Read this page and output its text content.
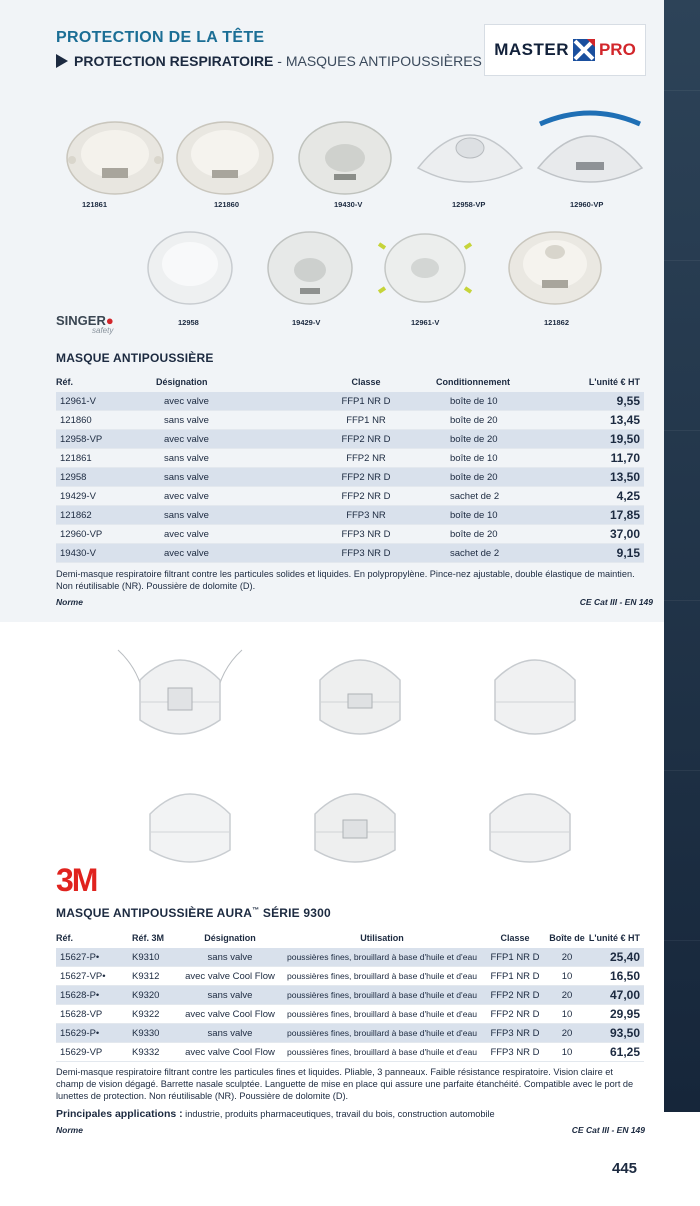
PROTECTION DE LA TÊTE
PROTECTION RESPIRATOIRE - MASQUES ANTIPOUSSIÈRES
MASTER PRO
121861	121860	19430-V	12958-VP	12960-VP
12958	19429-V	12961-V	121862
SINGER●
safety
MASQUE ANTIPOUSSIÈRE
Réf.	Désignation	Classe	Conditionnement	L'unité € HT
12961-V	avec valve	FFP1 NR D	boîte de 10	9,55
121860	sans valve	FFP1 NR	boîte de 20	13,45
12958-VP	avec valve	FFP2 NR D	boîte de 20	19,50
121861	sans valve	FFP2 NR	boîte de 10	11,70
12958	sans valve	FFP2 NR D	boîte de 20	13,50
19429-V	avec valve	FFP2 NR D	sachet de 2	4,25
121862	sans valve	FFP3 NR	boîte de 10	17,85
12960-VP	avec valve	FFP3 NR D	boîte de 20	37,00
19430-V	avec valve	FFP3 NR D	sachet de 2	9,15
Demi-masque respiratoire filtrant contre les particules solides et liquides. En polypropylène. Pince-nez ajustable, double élastique de maintien.
Non réutilisable (NR). Poussière de dolomite (D).
Norme	CE Cat III - EN 149
3M
MASQUE ANTIPOUSSIÈRE AURA™ SÉRIE 9300
Réf.	Réf. 3M	Désignation	Utilisation	Classe	Boîte de	L'unité € HT
15627-P•	K9310	sans valve	poussières fines, brouillard à base d'huile et d'eau	FFP1 NR D	20	25,40
15627-VP•	K9312	avec valve Cool Flow	poussières fines, brouillard à base d'huile et d'eau	FFP1 NR D	10	16,50
15628-P•	K9320	sans valve	poussières fines, brouillard à base d'huile et d'eau	FFP2 NR D	20	47,00
15628-VP	K9322	avec valve Cool Flow	poussières fines, brouillard à base d'huile et d'eau	FFP2 NR D	10	29,95
15629-P•	K9330	sans valve	poussières fines, brouillard à base d'huile et d'eau	FFP3 NR D	20	93,50
15629-VP	K9332	avec valve Cool Flow	poussières fines, brouillard à base d'huile et d'eau	FFP3 NR D	10	61,25
Demi-masque respiratoire filtrant contre les particules fines et liquides. Pliable, 3 panneaux. Faible résistance respiratoire. Vision claire et
champ de vision dégagé. Barrette nasale sculptée. Languette de mise en place qui assure une parfaite étanchéité. Compatible avec le port de
lunettes de protection. Non réutilisable (NR). Poussière de dolomite (D).
Principales applications : industrie, produits pharmaceutiques, travail du bois, construction automobile
Norme	CE Cat III - EN 149
445
